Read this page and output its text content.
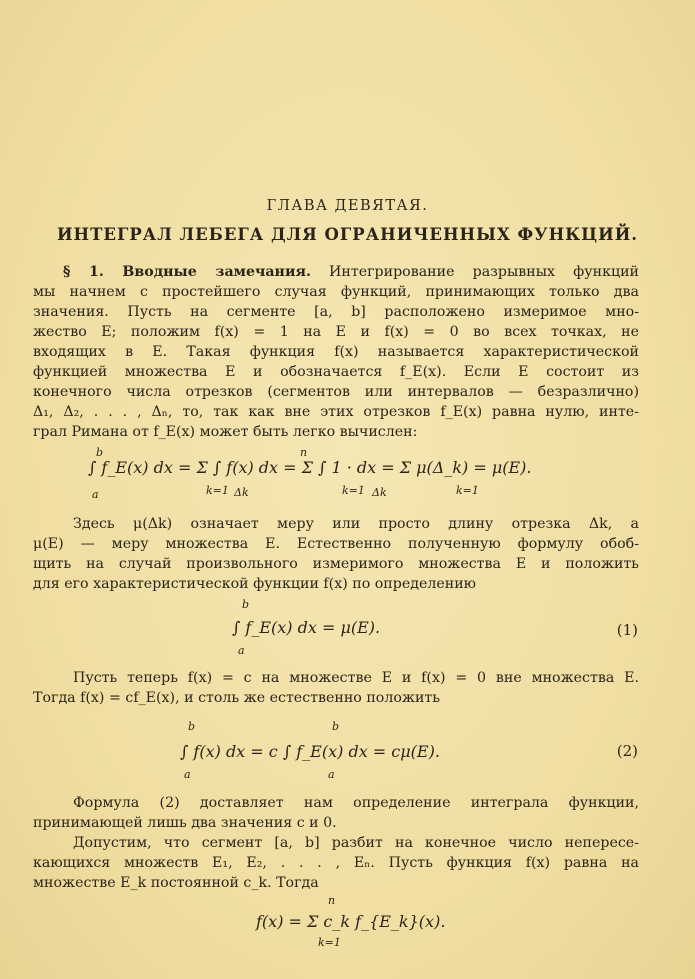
ГЛАВА ДЕВЯТАЯ.
ИНТЕГРАЛ ЛЕБЕГА ДЛЯ ОГРАНИЧЕННЫХ ФУНКЦИЙ.
§ 1. Вводные замечания. Интегрирование разрывных функций
мы начнем с простейшего случая функций, принимающих только два
значения. Пусть на сегменте [a, b] расположено измеримое мно-
жество E; положим f(x) = 1 на E и f(x) = 0 во всех точках, не
входящих в E. Такая функция f(x) называется характеристической
функцией множества E и обозначается f_E(x). Если E состоит из
конечного числа отрезков (сегментов или интервалов — безразлично)
Δ₁, Δ₂, . . . , Δₙ, то, так как вне этих отрезков f_E(x) равна нулю, инте-
грал Римана от f_E(x) может быть легко вычислен:
b
a
n
k=1 Δk	k=1 Δk	k=1
∫ f_E(x) dx = Σ ∫ f(x) dx = Σ ∫ 1 · dx = Σ μ(Δ_k) = μ(E).
Здесь μ(Δk) означает меру или просто длину отрезка Δk, а
μ(E) — меру множества E. Естественно полученную формулу обоб-
щить на случай произвольного измеримого множества E и положить
для его характеристической функции f(x) по определению
b
a
∫ f_E(x) dx = μ(E).	(1)
Пусть теперь f(x) = c на множестве E и f(x) = 0 вне множества E.
Тогда f(x) = cf_E(x), и столь же естественно положить
b
a
b
a
∫ f(x) dx = c ∫ f_E(x) dx = cμ(E).	(2)
Формула (2) доставляет нам определение интеграла функции,
принимающей лишь два значения c и 0.
Допустим, что сегмент [a, b] разбит на конечное число непересе-
кающихся множеств E₁, E₂, . . . , Eₙ. Пусть функция f(x) равна на
множестве E_k постоянной c_k. Тогда
n
k=1
f(x) = Σ c_k f_{E_k}(x).
